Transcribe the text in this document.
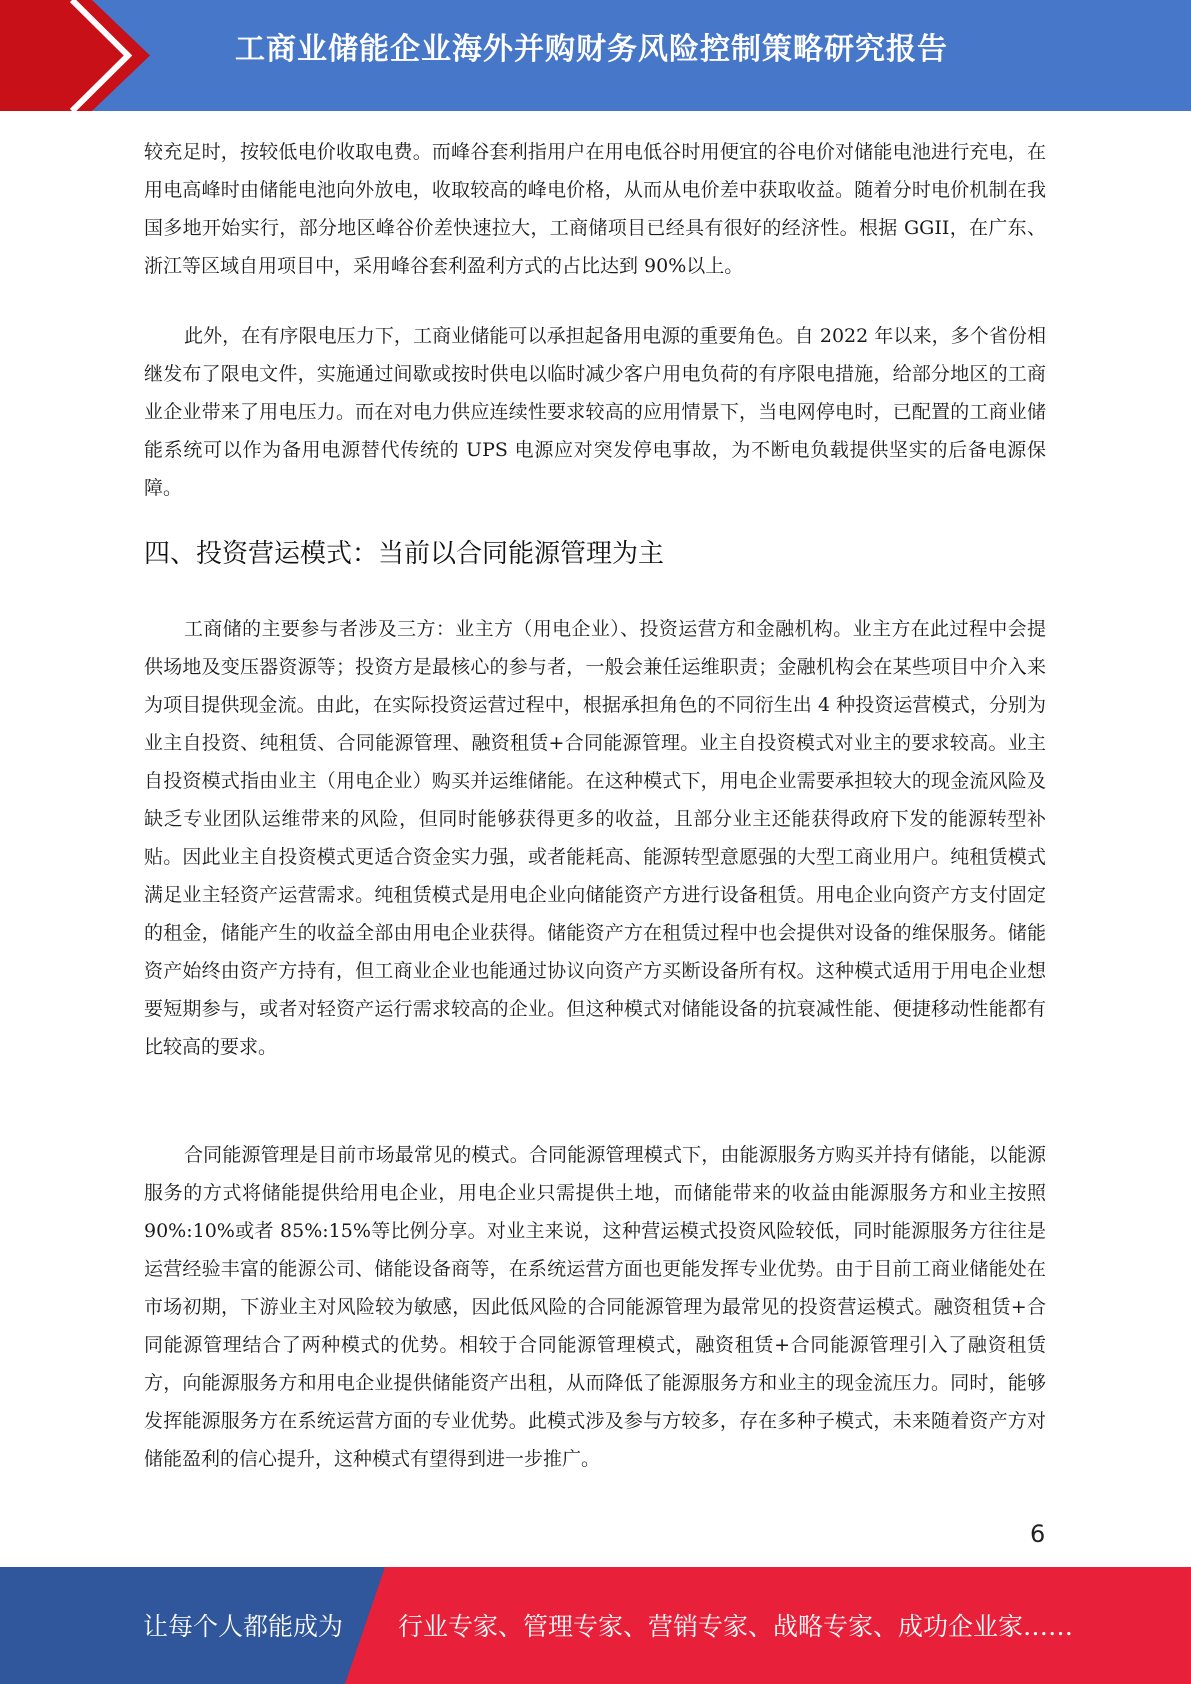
工商业储能企业海外并购财务风险控制策略研究报告

较充足时，按较低电价收取电费。而峰谷套利指用户在用电低谷时用便宜的谷电价对储能电池进行充电，在用电高峰时由储能电池向外放电，收取较高的峰电价格，从而从电价差中获取收益。随着分时电价机制在我国多地开始实行，部分地区峰谷价差快速拉大，工商储项目已经具有很好的经济性。根据 GGII，在广东、浙江等区域自用项目中，采用峰谷套利盈利方式的占比达到 90%以上。

此外，在有序限电压力下，工商业储能可以承担起备用电源的重要角色。自 2022 年以来，多个省份相继发布了限电文件，实施通过间歇或按时供电以临时减少客户用电负荷的有序限电措施，给部分地区的工商业企业带来了用电压力。而在对电力供应连续性要求较高的应用情景下，当电网停电时，已配置的工商业储能系统可以作为备用电源替代传统的 UPS 电源应对突发停电事故，为不断电负载提供坚实的后备电源保障。

四、投资营运模式：当前以合同能源管理为主

工商储的主要参与者涉及三方：业主方（用电企业）、投资运营方和金融机构。业主方在此过程中会提供场地及变压器资源等；投资方是最核心的参与者，一般会兼任运维职责；金融机构会在某些项目中介入来为项目提供现金流。由此，在实际投资运营过程中，根据承担角色的不同衍生出 4 种投资运营模式，分别为业主自投资、纯租赁、合同能源管理、融资租赁+合同能源管理。业主自投资模式对业主的要求较高。业主自投资模式指由业主（用电企业）购买并运维储能。在这种模式下，用电企业需要承担较大的现金流风险及缺乏专业团队运维带来的风险，但同时能够获得更多的收益，且部分业主还能获得政府下发的能源转型补贴。因此业主自投资模式更适合资金实力强，或者能耗高、能源转型意愿强的大型工商业用户。纯租赁模式满足业主轻资产运营需求。纯租赁模式是用电企业向储能资产方进行设备租赁。用电企业向资产方支付固定的租金，储能产生的收益全部由用电企业获得。储能资产方在租赁过程中也会提供对设备的维保服务。储能资产始终由资产方持有，但工商业企业也能通过协议向资产方买断设备所有权。这种模式适用于用电企业想要短期参与，或者对轻资产运行需求较高的企业。但这种模式对储能设备的抗衰减性能、便捷移动性能都有比较高的要求。

合同能源管理是目前市场最常见的模式。合同能源管理模式下，由能源服务方购买并持有储能，以能源服务的方式将储能提供给用电企业，用电企业只需提供土地，而储能带来的收益由能源服务方和业主按照 90%:10%或者 85%:15%等比例分享。对业主来说，这种营运模式投资风险较低，同时能源服务方往往是运营经验丰富的能源公司、储能设备商等，在系统运营方面也更能发挥专业优势。由于目前工商业储能处在市场初期，下游业主对风险较为敏感，因此低风险的合同能源管理为最常见的投资营运模式。融资租赁+合同能源管理结合了两种模式的优势。相较于合同能源管理模式，融资租赁+合同能源管理引入了融资租赁方，向能源服务方和用电企业提供储能资产出租，从而降低了能源服务方和业主的现金流压力。同时，能够发挥能源服务方在系统运营方面的专业优势。此模式涉及参与方较多，存在多种子模式，未来随着资产方对储能盈利的信心提升，这种模式有望得到进一步推广。

6
让每个人都能成为 行业专家、管理专家、营销专家、战略专家、成功企业家……
